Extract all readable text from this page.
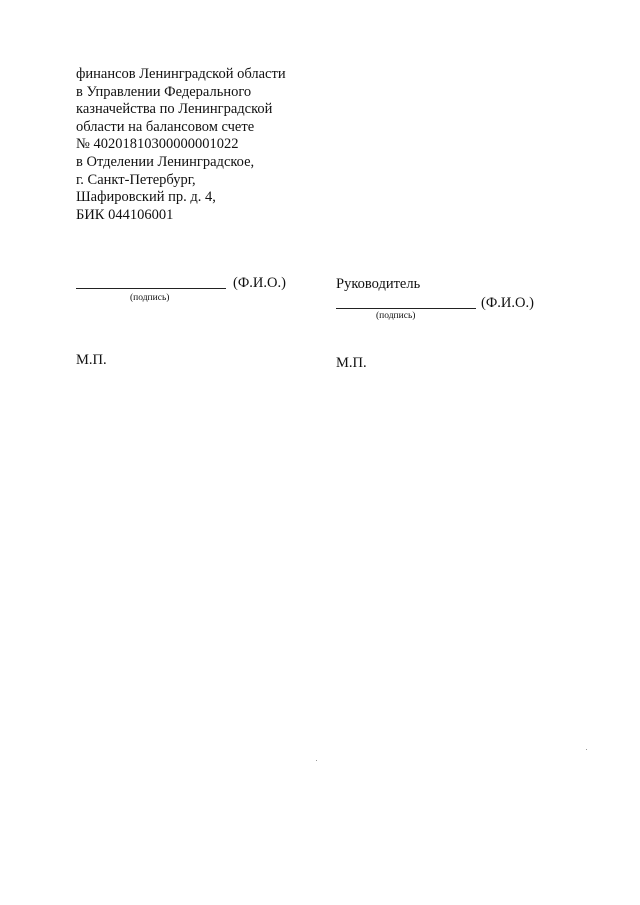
финансов Ленинградской области
в Управлении Федерального
казначейства по Ленинградской
области на балансовом счете
№ 40201810300000001022
в Отделении Ленинградское,
г. Санкт-Петербург,
Шафировский пр. д. 4,
БИК 044106001
(Ф.И.О.)
(подпись)
Руководитель
(Ф.И.О.)
(подпись)
М.П.	М.П.
